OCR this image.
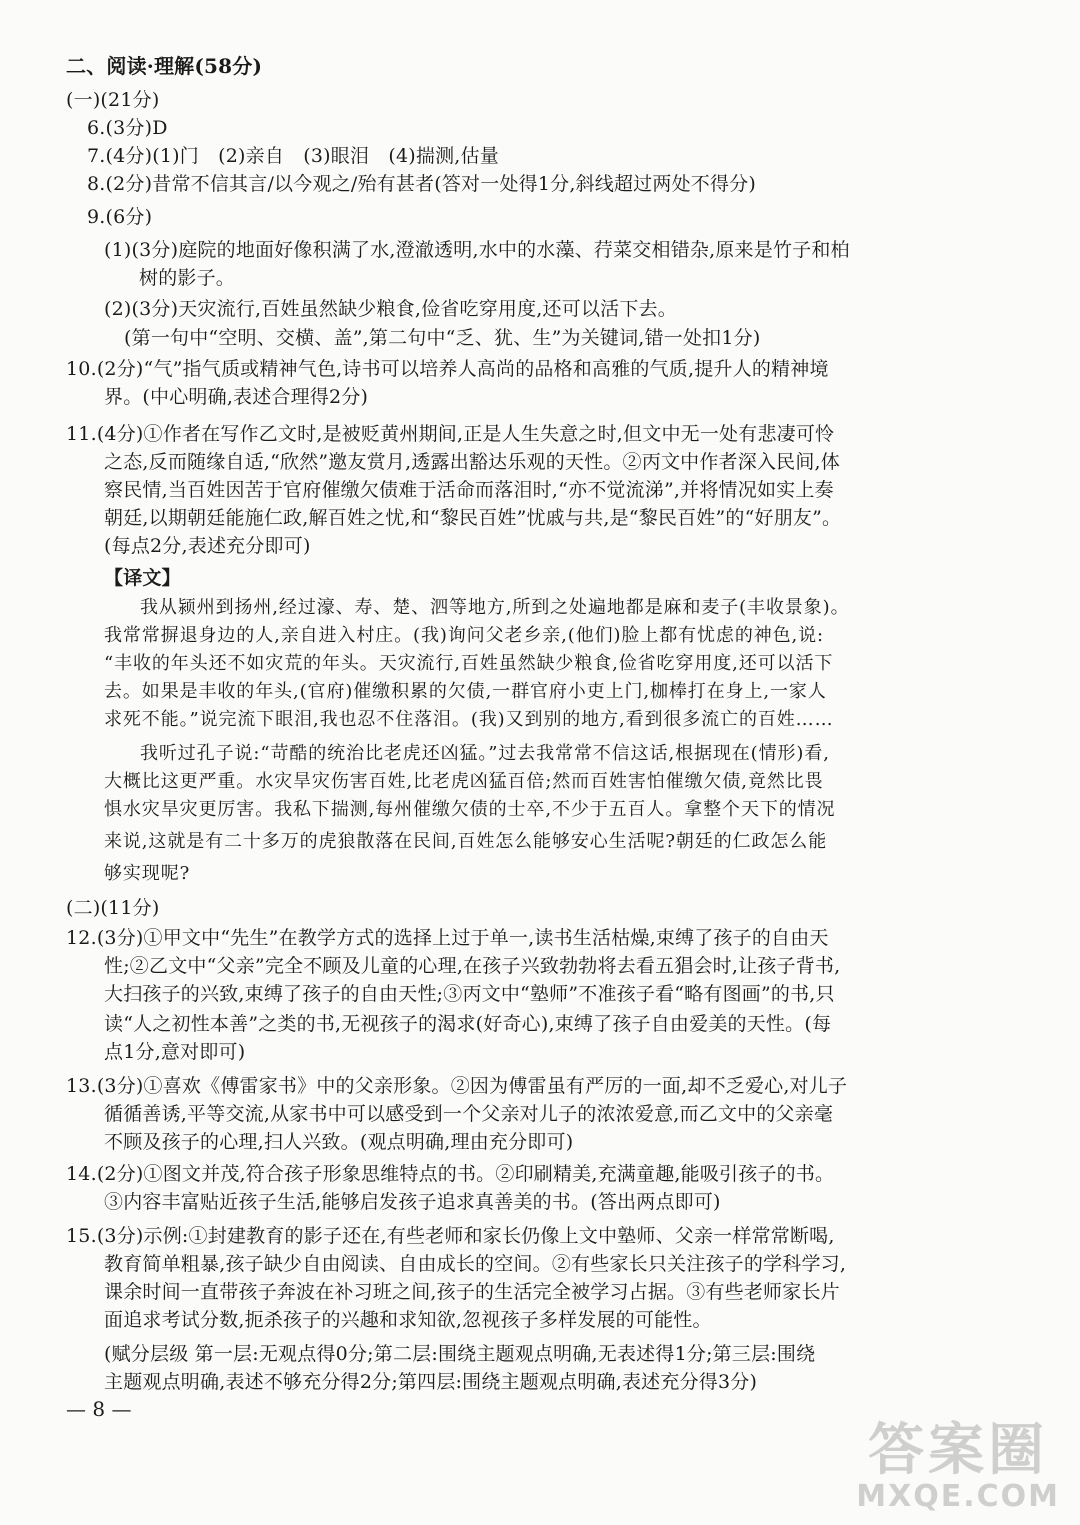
二、阅读·理解(58分)
(一)(21分)
6.(3分)D
7.(4分)(1)门　(2)亲自　(3)眼泪　(4)揣测,估量
8.(2分)昔常不信其言/以今观之/殆有甚者(答对一处得1分,斜线超过两处不得分)
9.(6分)
(1)(3分)庭院的地面好像积满了水,澄澈透明,水中的水藻、荇菜交相错杂,原来是竹子和柏
树的影子。
(2)(3分)天灾流行,百姓虽然缺少粮食,俭省吃穿用度,还可以活下去。
(第一句中“空明、交横、盖”,第二句中“乏、犹、生”为关键词,错一处扣1分)
10.(2分)“气”指气质或精神气色,诗书可以培养人高尚的品格和高雅的气质,提升人的精神境
界。(中心明确,表述合理得2分)
11.(4分)①作者在写作乙文时,是被贬黄州期间,正是人生失意之时,但文中无一处有悲凄可怜
之态,反而随缘自适,“欣然”邀友赏月,透露出豁达乐观的天性。②丙文中作者深入民间,体
察民情,当百姓因苦于官府催缴欠债难于活命而落泪时,“亦不觉流涕”,并将情况如实上奏
朝廷,以期朝廷能施仁政,解百姓之忧,和“黎民百姓”忧戚与共,是“黎民百姓”的“好朋友”。
(每点2分,表述充分即可)
【译文】
我从颍州到扬州,经过濠、寿、楚、泗等地方,所到之处遍地都是麻和麦子(丰收景象)。
我常常摒退身边的人,亲自进入村庄。(我)询问父老乡亲,(他们)脸上都有忧虑的神色,说:
“丰收的年头还不如灾荒的年头。天灾流行,百姓虽然缺少粮食,俭省吃穿用度,还可以活下
去。如果是丰收的年头,(官府)催缴积累的欠债,一群官府小吏上门,枷棒打在身上,一家人
求死不能。”说完流下眼泪,我也忍不住落泪。(我)又到别的地方,看到很多流亡的百姓……
我听过孔子说:“苛酷的统治比老虎还凶猛。”过去我常常不信这话,根据现在(情形)看,
大概比这更严重。水灾旱灾伤害百姓,比老虎凶猛百倍;然而百姓害怕催缴欠债,竟然比畏
惧水灾旱灾更厉害。我私下揣测,每州催缴欠债的士卒,不少于五百人。拿整个天下的情况
来说,这就是有二十多万的虎狼散落在民间,百姓怎么能够安心生活呢?朝廷的仁政怎么能
够实现呢?
(二)(11分)
12.(3分)①甲文中“先生”在教学方式的选择上过于单一,读书生活枯燥,束缚了孩子的自由天
性;②乙文中“父亲”完全不顾及儿童的心理,在孩子兴致勃勃将去看五猖会时,让孩子背书,
大扫孩子的兴致,束缚了孩子的自由天性;③丙文中“塾师”不准孩子看“略有图画”的书,只
读“人之初性本善”之类的书,无视孩子的渴求(好奇心),束缚了孩子自由爱美的天性。(每
点1分,意对即可)
13.(3分)①喜欢《傅雷家书》中的父亲形象。②因为傅雷虽有严厉的一面,却不乏爱心,对儿子
循循善诱,平等交流,从家书中可以感受到一个父亲对儿子的浓浓爱意,而乙文中的父亲毫
不顾及孩子的心理,扫人兴致。(观点明确,理由充分即可)
14.(2分)①图文并茂,符合孩子形象思维特点的书。②印刷精美,充满童趣,能吸引孩子的书。
③内容丰富贴近孩子生活,能够启发孩子追求真善美的书。(答出两点即可)
15.(3分)示例:①封建教育的影子还在,有些老师和家长仍像上文中塾师、父亲一样常常断喝,
教育简单粗暴,孩子缺少自由阅读、自由成长的空间。②有些家长只关注孩子的学科学习,
课余时间一直带孩子奔波在补习班之间,孩子的生活完全被学习占据。③有些老师家长片
面追求考试分数,扼杀孩子的兴趣和求知欲,忽视孩子多样发展的可能性。
(赋分层级 第一层:无观点得0分;第二层:围绕主题观点明确,无表述得1分;第三层:围绕
主题观点明确,表述不够充分得2分;第四层:围绕主题观点明确,表述充分得3分)
— 8 —
答案圈
MXQE.COM
